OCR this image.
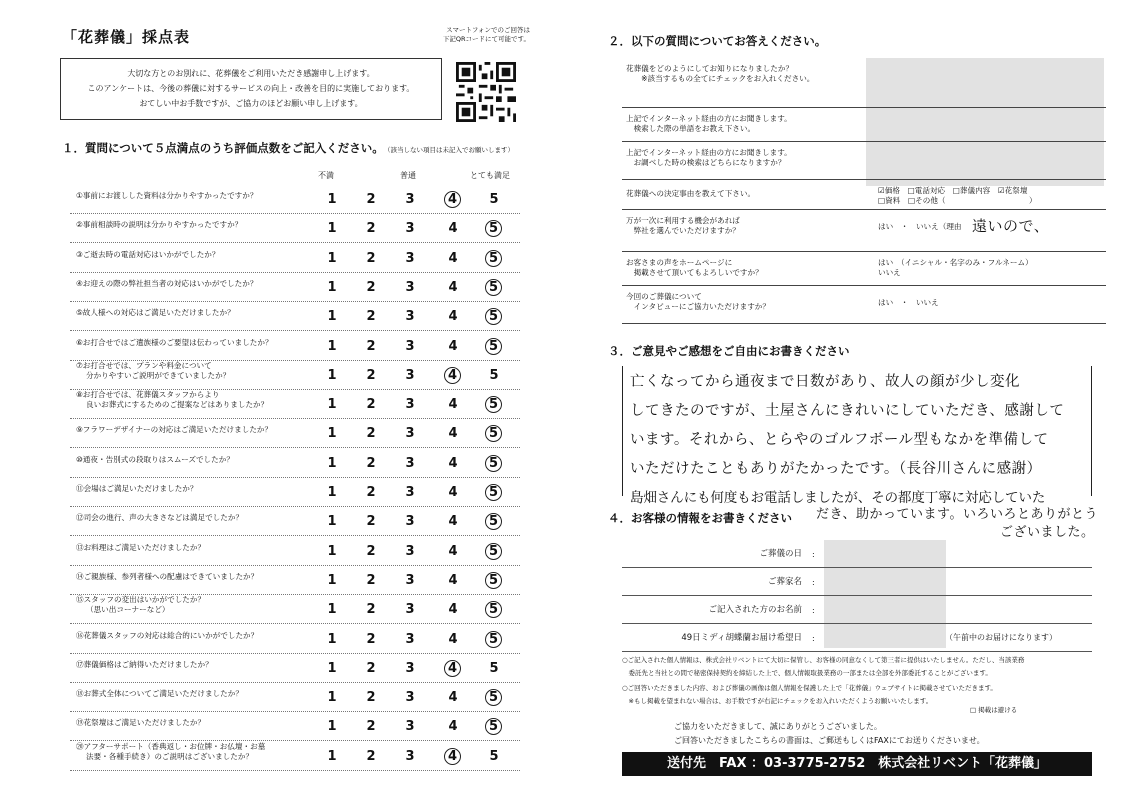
「花葬儀」採点表	スマートフォンでのご回答は
下記QRコードにて可能です。
大切な方とのお別れに、花葬儀をご利用いただき感謝申し上げます。
このアンケートは、今後の葬儀に対するサービスの向上・改善を目的に実施しております。
おてしい中お手数ですが、ご協力のほどお願い申し上げます。
１．質問について５点満点のうち評価点数をご記入ください。 （該当しない項目は未記入でお願いします）
不満	普通	とても満足
①事前にお渡しした資料は分かりやすかったですか？	1 2 3	4	5
②事前相談時の説明は分かりやすかったですか？	1 2 3	4	5
③ご逝去時の電話対応はいかがでしたか？	1 2 3	4	5
④お迎えの際の弊社担当者の対応はいかがでしたか？	1 2 3	4	5
⑤故人様への対応はご満足いただけましたか？	1 2 3	4	5
⑥お打合せではご遺族様のご要望は伝わっていましたか？	1 2 3	4	5
⑦お打合せでは、プランや料金について
分かりやすいご説明ができていましたか？	1 2 3	4	5
⑧お打合せでは、花葬儀スタッフからより
良いお葬式にするためのご提案などはありましたか？	1 2 3	4	5
⑨フラワーデザイナーの対応はご満足いただけましたか？	1 2 3	4	5
⑩通夜・告別式の段取りはスムーズでしたか？	1 2 3	4	5
⑪会場はご満足いただけましたか？	1 2 3	4	5
⑫司会の進行、声の大きさなどは満足でしたか？	1 2 3	4	5
⑬お料理はご満足いただけましたか？	1 2 3	4	5
⑭ご親族様、参列者様への配慮はできていましたか？	1 2 3	4	5
⑮スタッフの変出はいかがでしたか？
（思い出コーナーなど）	1 2 3	4	5
⑯花葬儀スタッフの対応は総合的にいかがでしたか？	1 2 3	4	5
⑰葬儀価格はご納得いただけましたか？	1 2 3	4	5
⑱お葬式全体についてご満足いただけましたか？	1 2 3	4	5
⑲花祭壇はご満足いただけましたか？	1 2 3	4	5
⑳アフターサポート（香典返し・お位牌・お仏壇・お墓
法要・各種手続き）のご説明はございましたか？	1 2 3	4	5
２．以下の質問についてお答えください。
花葬儀をどのようにしてお知りになりましたか？
　　※該当するもの全てにチェックをお入れください。
上記でインターネット経由の方にお聞きします。
　検索した際の単語をお教え下さい。
上記でインターネット経由の方にお聞きします。
　お調べした時の検索はどちらになりますか？
花葬儀への決定事由を教えて下さい。	☑価格　□電話対応　□葬儀内容　☑花祭壇
□資料　□その他（　　　　　　　　　　　）
万が一次に利用する機会があれば
　弊社を選んでいただけますか？	はい　・　いいえ（理由 遠いので、
お客さまの声をホームページに
　掲載させて頂いてもよろしいですか？
はい　（イニシャル・名字のみ・フルネーム）
いいえ
今回のご葬儀について
　インタビューにご協力いただけますか？	はい　・　いいえ
３．ご意見やご感想をご自由にお書きください
亡くなってから通夜まで日数があり、故人の顔が少し変化
してきたのですが、土屋さんにきれいにしていただき、感謝して
います。それから、とらやのゴルフボール型もなかを準備して
いただけたこともありがたかったです。（長谷川さんに感謝）
島畑さんにも何度もお電話しましたが、その都度丁寧に対応していた
だき、助かっています。いろいろとありがとう
ございました。
４．お客様の情報をお書きください
ご葬儀の日 :
ご葬家名 :
ご記入された方のお名前 :
49日ミディ胡蝶蘭お届け希望日 :	（午前中のお届けになります）
○ご記入された個人情報は、株式会社リベントにて大切に保管し、お客様の同意なくして第三者に提供はいたしません。ただし、当該業務
　委託先と当社との間で秘密保持契約を締結した上で、個人情報取扱業務の一部または全部を外部委託することがございます。
○ご回答いただきました内容、および葬儀の画像は個人情報を保護した上で「花葬儀」ウェブサイトに掲載させていただきます。
　※もし掲載を望まれない場合は、お手数ですが右記にチェックをお入れいただくようお願いいたします。
□ 掲載は避ける
ご協力をいただきまして、誠にありがとうございました。
ご回答いただきましたこちらの書面は、ご郵送もしくはFAXにてお送りくださいませ。
送付先　FAX ：03-3775-2752　株式会社リベント「花葬儀」
